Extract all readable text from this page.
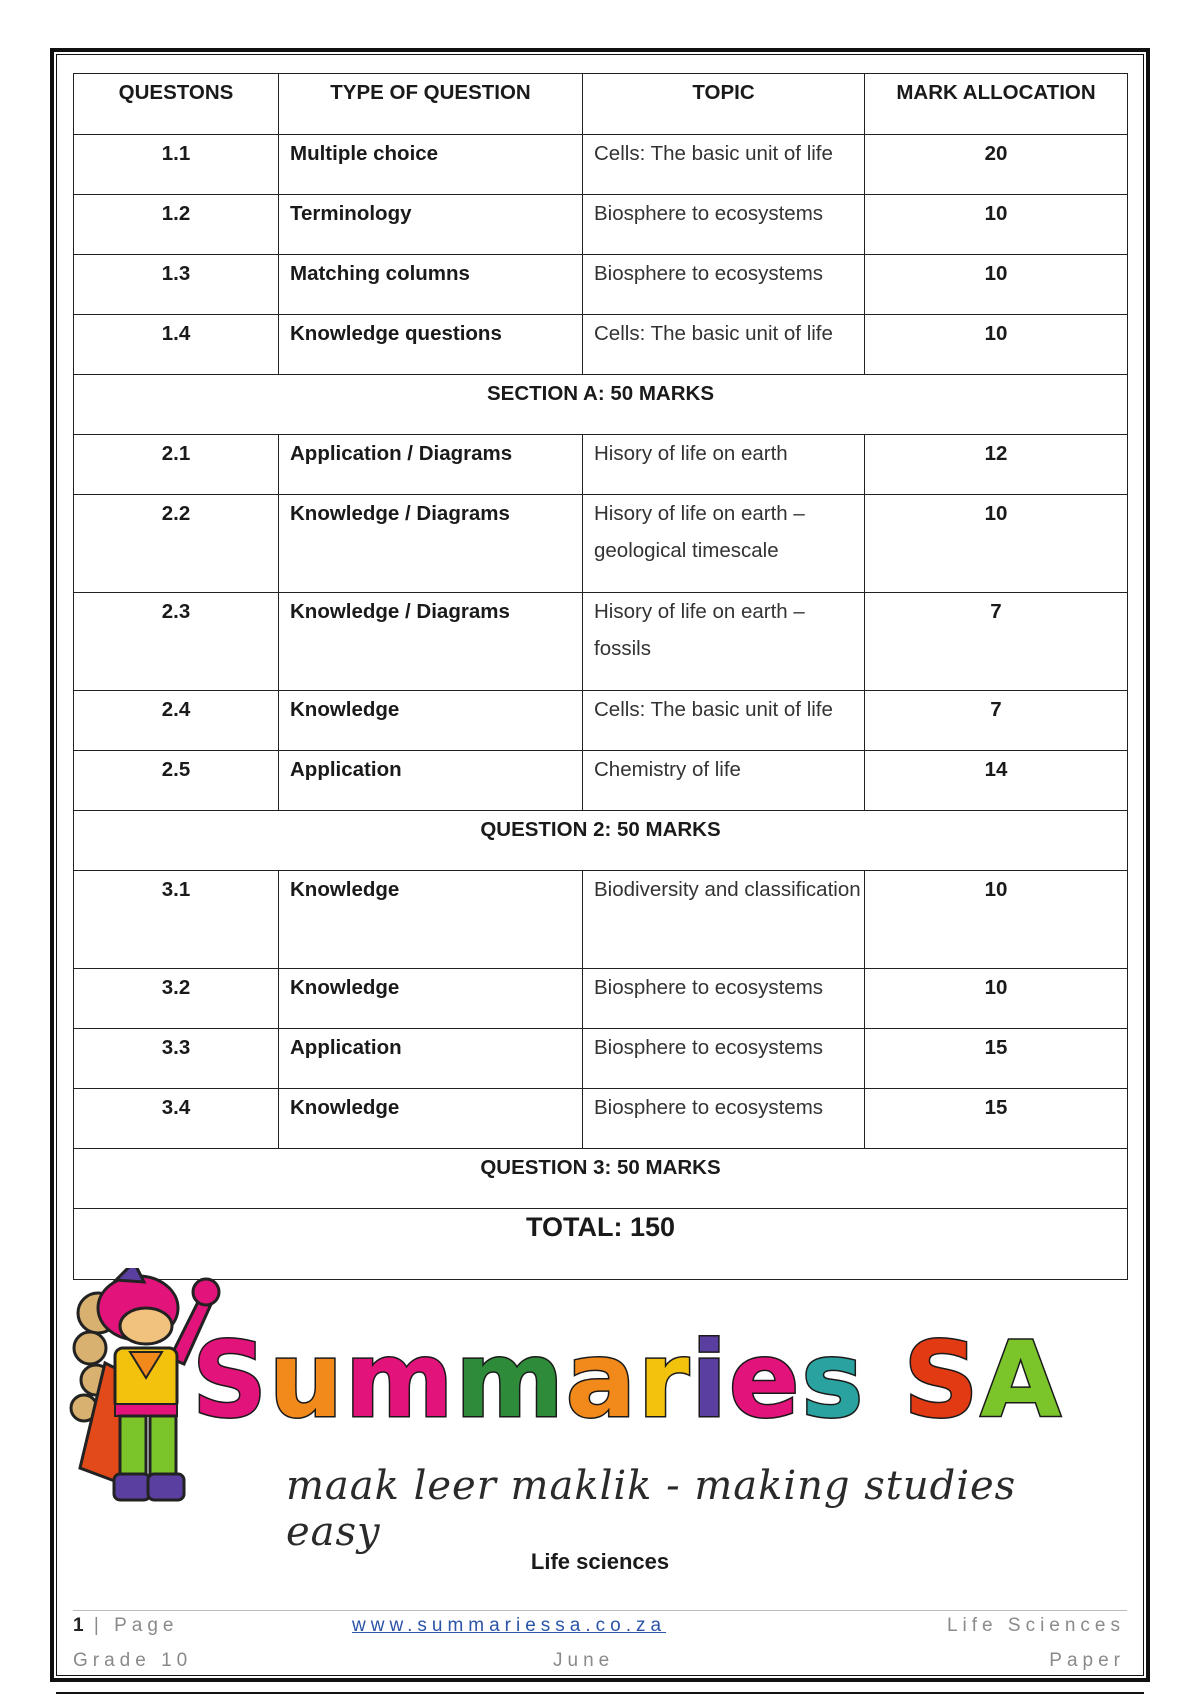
QUESTONS	TYPE OF QUESTION	TOPIC	MARK ALLOCATION
1.1	Multiple choice	Cells: The basic unit of life	20
1.2	Terminology	Biosphere to ecosystems	10
1.3	Matching columns	Biosphere to ecosystems	10
1.4	Knowledge questions	Cells: The basic unit of life	10
SECTION A: 50 MARKS			
2.1	Application / Diagrams	Hisory of life on earth	12
2.2	Knowledge / Diagrams	Hisory of life on earth – geological timescale	10
2.3	Knowledge / Diagrams	Hisory of life on earth – fossils	7
2.4	Knowledge	Cells: The basic unit of life	7
2.5	Application	Chemistry of life	14
QUESTION 2: 50 MARKS			
3.1	Knowledge	Biodiversity and classification	10
3.2	Knowledge	Biosphere to ecosystems	10
3.3	Application	Biosphere to ecosystems	15
3.4	Knowledge	Biosphere to ecosystems	15
QUESTION 3: 50 MARKS			
TOTAL: 150			
Summaries SA
maak leer maklik - making studies easy
Life sciences
1 | Page	www.summariessa.co.za	Life Sciences
Grade 10	June	Paper
